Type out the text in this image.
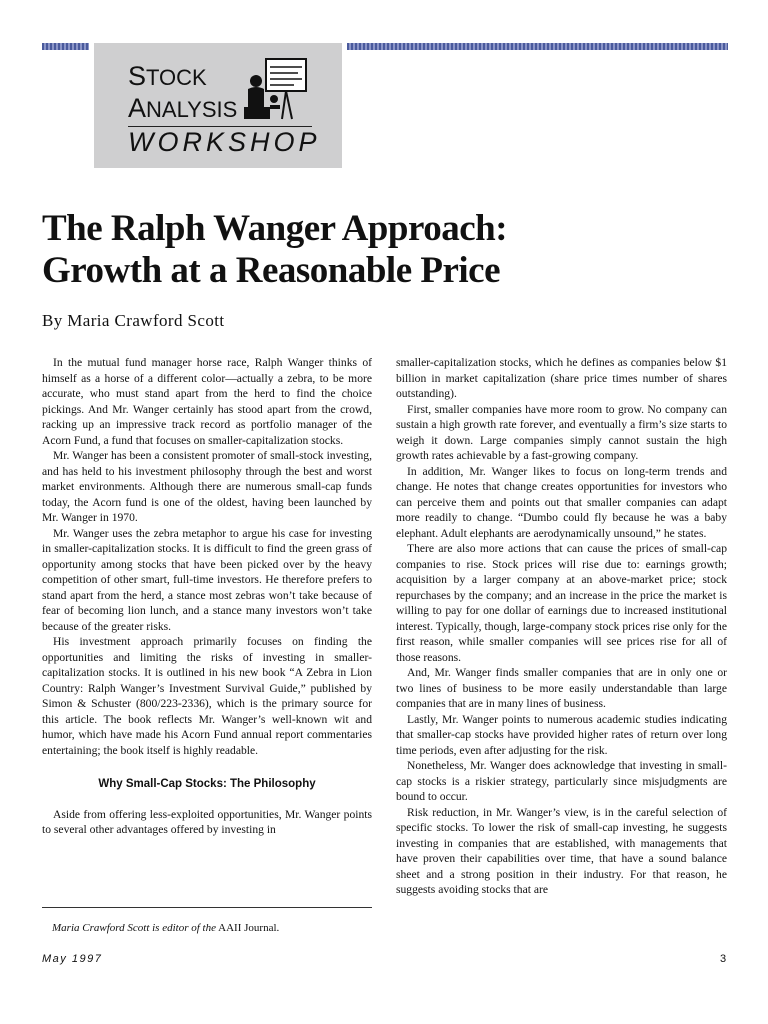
STOCK
ANALYSIS
WORKSHOP
The Ralph Wanger Approach:
Growth at a Reasonable Price
By Maria Crawford Scott

In the mutual fund manager horse race, Ralph Wanger thinks of himself as a horse of a different color—actually a zebra, to be more accurate, who must stand apart from the herd to find the choice pickings. And Mr. Wanger certainly has stood apart from the crowd, racking up an impressive track record as portfolio manager of the Acorn Fund, a fund that focuses on smaller-capitalization stocks.

Mr. Wanger has been a consistent promoter of small-stock investing, and has held to his investment philosophy through the best and worst market environments. Although there are numerous small-cap funds today, the Acorn fund is one of the oldest, having been launched by Mr. Wanger in 1970.

Mr. Wanger uses the zebra metaphor to argue his case for investing in smaller-capitalization stocks. It is difficult to find the green grass of opportunity among stocks that have been picked over by the heavy competition of other smart, full-time investors. He therefore prefers to stand apart from the herd, a stance most zebras won’t take because of fear of becoming lion lunch, and a stance many investors won’t take because of the greater risks.

His investment approach primarily focuses on finding the opportunities and limiting the risks of investing in smaller-capitalization stocks. It is outlined in his new book “A Zebra in Lion Country: Ralph Wanger’s Investment Survival Guide,” published by Simon & Schuster (800/223-2336), which is the primary source for this article. The book reflects Mr. Wanger’s well-known wit and humor, which have made his Acorn Fund annual report commentaries entertaining; the book itself is highly readable.

Why Small-Cap Stocks: The Philosophy

Aside from offering less-exploited opportunities, Mr. Wanger points to several other advantages offered by investing in

smaller-capitalization stocks, which he defines as companies below $1 billion in market capitalization (share price times number of shares outstanding).

First, smaller companies have more room to grow. No company can sustain a high growth rate forever, and eventually a firm’s size starts to weigh it down. Large companies simply cannot sustain the high growth rates achievable by a fast-growing company.

In addition, Mr. Wanger likes to focus on long-term trends and change. He notes that change creates opportunities for investors who can perceive them and points out that smaller companies can adapt more readily to change. “Dumbo could fly because he was a baby elephant. Adult elephants are aerodynamically unsound,” he states.

There are also more actions that can cause the prices of small-cap companies to rise. Stock prices will rise due to: earnings growth; acquisition by a larger company at an above-market price; stock repurchases by the company; and an increase in the price the market is willing to pay for one dollar of earnings due to increased institutional interest. Typically, though, large-company stock prices rise only for the first reason, while smaller companies will see prices rise for all of those reasons.

And, Mr. Wanger finds smaller companies that are in only one or two lines of business to be more easily understandable than large companies that are in many lines of business.

Lastly, Mr. Wanger points to numerous academic studies indicating that smaller-cap stocks have provided higher rates of return over long time periods, even after adjusting for the risk.

Nonetheless, Mr. Wanger does acknowledge that investing in small-cap stocks is a riskier strategy, particularly since misjudgments are bound to occur.

Risk reduction, in Mr. Wanger’s view, is in the careful selection of specific stocks. To lower the risk of small-cap investing, he suggests investing in companies that are established, with managements that have proven their capabilities over time, that have a sound balance sheet and a strong position in their industry. For that reason, he suggests avoiding stocks that are

Maria Crawford Scott is editor of the AAII Journal.
May 1997	3
